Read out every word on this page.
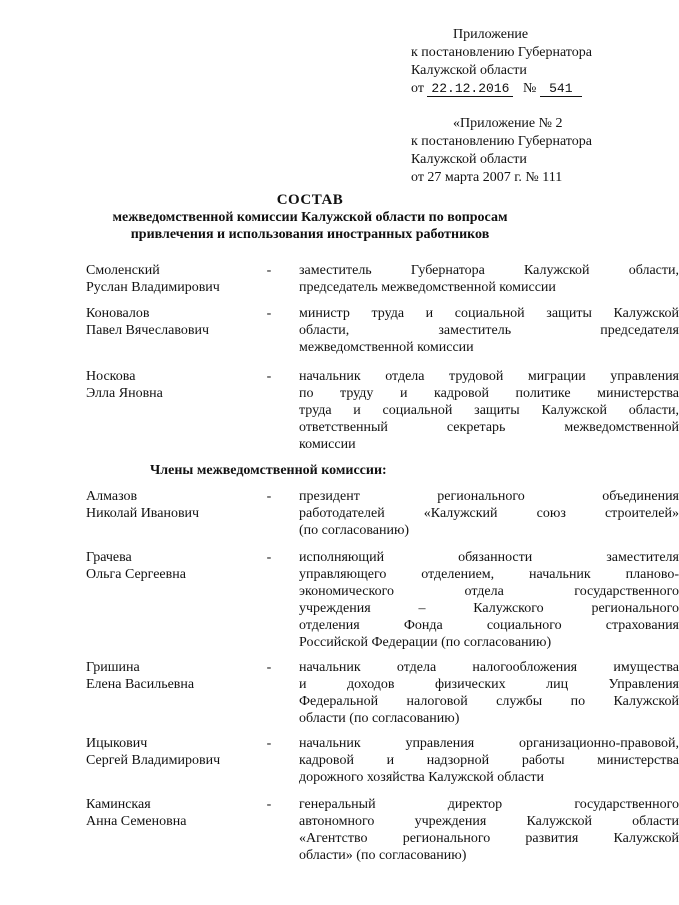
Приложение
к постановлению Губернатора
Калужской области
от 22.12.2016 № 541
«Приложение № 2
к постановлению Губернатора
Калужской области
от 27 марта 2007 г. № 111
СОСТАВ
межведомственной комиссии Калужской области по вопросам
привлечения и использования иностранных работников
Смоленский
Руслан Владимирович
- заместитель Губернатора Калужской области,
председатель межведомственной комиссии
Коновалов
Павел Вячеславович
- министр труда и социальной защиты Калужской
области, заместитель председателя
межведомственной комиссии
Носкова
Элла Яновна
- начальник отдела трудовой миграции управления
по труду и кадровой политике министерства
труда и социальной защиты Калужской области,
ответственный секретарь межведомственной
комиссии
Члены межведомственной комиссии:
Алмазов
Николай Иванович
- президент регионального объединения
работодателей «Калужский союз строителей»
(по согласованию)
Грачева
Ольга Сергеевна
- исполняющий обязанности заместителя
управляющего отделением, начальник планово-
экономического отдела государственного
учреждения – Калужского регионального
отделения Фонда социального страхования
Российской Федерации (по согласованию)
Гришина
Елена Васильевна
- начальник отдела налогообложения имущества
и доходов физических лиц Управления
Федеральной налоговой службы по Калужской
области (по согласованию)
Ицыкович
Сергей Владимирович
- начальник управления организационно-правовой,
кадровой и надзорной работы министерства
дорожного хозяйства Калужской области
Каминская
Анна Семеновна
- генеральный директор государственного
автономного учреждения Калужской области
«Агентство регионального развития Калужской
области» (по согласованию)
